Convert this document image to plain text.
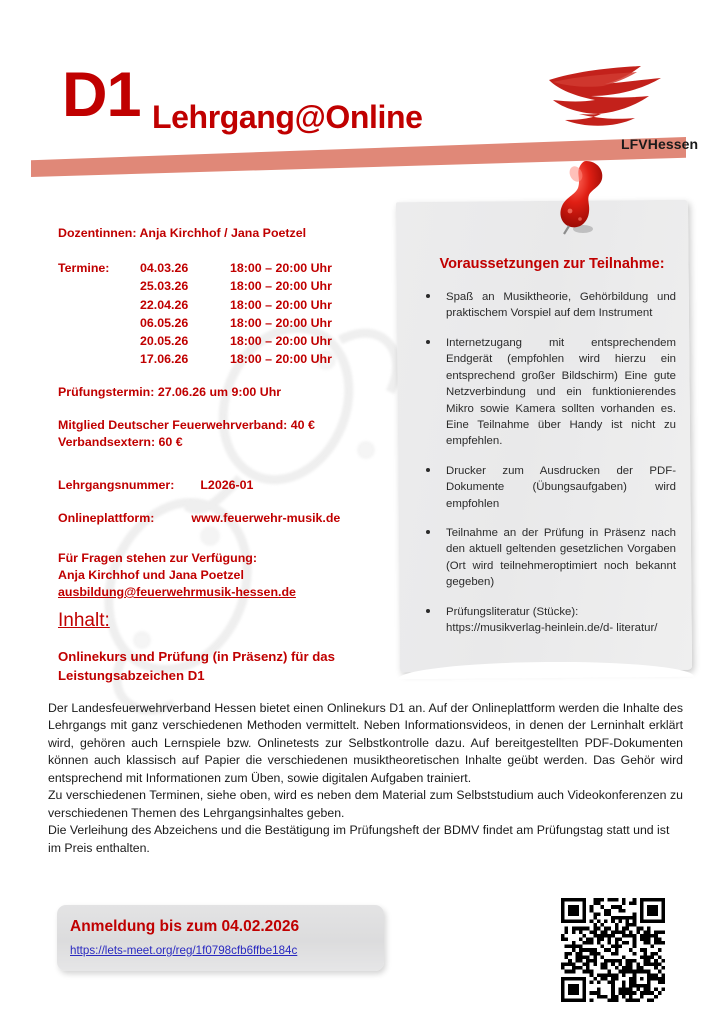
D1 Lehrgang@Online
LFVHessen
Voraussetzungen zur Teilnahme:
Spaß an Musiktheorie, Gehörbildung und praktischem Vorspiel auf dem Instrument
Internetzugang mit entsprechendem Endgerät (empfohlen wird hierzu ein entsprechend großer Bildschirm) Eine gute Netzverbindung und ein funktionierendes Mikro sowie Kamera sollten vorhanden es. Eine Teilnahme über Handy ist nicht zu empfehlen.
Drucker zum Ausdrucken der PDF-Dokumente (Übungsaufgaben) wird empfohlen
Teilnahme an der Prüfung in Präsenz nach den aktuell geltenden gesetzlichen Vorgaben (Ort wird teilnehmeroptimiert noch bekannt gegeben)
Prüfungsliteratur (Stücke): https://musikverlag-heinlein.de/d- literatur/
Dozentinnen: Anja Kirchhof / Jana Poetzel
Termine: 04.03.26	18:00 – 20:00 Uhr
25.03.26	18:00 – 20:00 Uhr
22.04.26	18:00 – 20:00 Uhr
06.05.26	18:00 – 20:00 Uhr
20.05.26	18:00 – 20:00 Uhr
17.06.26	18:00 – 20:00 Uhr
Prüfungstermin: 27.06.26 um 9:00 Uhr
Mitglied Deutscher Feuerwehrverband: 40 €
Verbandsextern: 60 €
Lehrgangsnummer: L2026-01
Onlineplattform:	www.feuerwehr-musik.de
Für Fragen stehen zur Verfügung:
Anja Kirchhof und Jana Poetzel
ausbildung@feuerwehrmusik-hessen.de
Inhalt:
Onlinekurs und Prüfung (in Präsenz) für das Leistungsabzeichen D1

Der Landesfeuerwehrverband Hessen bietet einen Onlinekurs D1 an. Auf der Onlineplattform werden die Inhalte des Lehrgangs mit ganz verschiedenen Methoden vermittelt. Neben Informationsvideos, in denen der Lerninhalt erklärt wird, gehören auch Lernspiele bzw. Onlinetests zur Selbstkontrolle dazu. Auf bereitgestellten PDF-Dokumenten können auch klassisch auf Papier die verschiedenen musiktheoretischen Inhalte geübt werden. Das Gehör wird entsprechend mit Informationen zum Üben, sowie digitalen Aufgaben trainiert.

Zu verschiedenen Terminen, siehe oben, wird es neben dem Material zum Selbststudium auch Videokonferenzen zu verschiedenen Themen des Lehrgangsinhaltes geben.

Die Verleihung des Abzeichens und die Bestätigung im Prüfungsheft der BDMV findet am Prüfungstag statt und ist im Preis enthalten.

Anmeldung bis zum 04.02.2026
https://lets-meet.org/reg/1f0798cfb6ffbe184c
